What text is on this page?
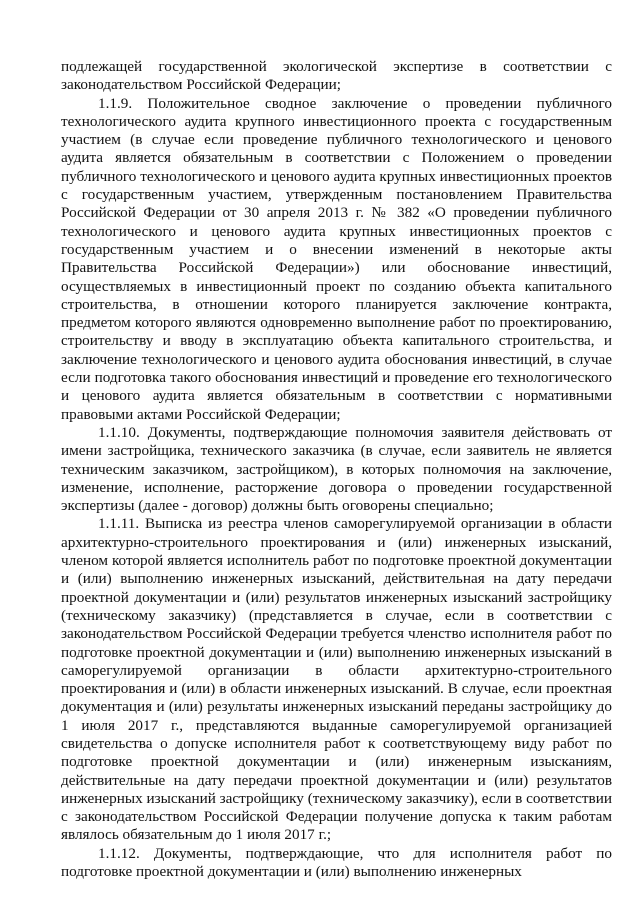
подлежащей государственной экологической экспертизе в соответствии с законодательством Российской Федерации;

1.1.9. Положительное сводное заключение о проведении публичного технологического аудита крупного инвестиционного проекта с государственным участием (в случае если проведение публичного технологического и ценового аудита является обязательным в соответствии с Положением о проведении публичного технологического и ценового аудита крупных инвестиционных проектов с государственным участием, утвержденным постановлением Правительства Российской Федерации от 30 апреля 2013 г. № 382 «О проведении публичного технологического и ценового аудита крупных инвестиционных проектов с государственным участием и о внесении изменений в некоторые акты Правительства Российской Федерации») или обоснование инвестиций, осуществляемых в инвестиционный проект по созданию объекта капитального строительства, в отношении которого планируется заключение контракта, предметом которого являются одновременно выполнение работ по проектированию, строительству и вводу в эксплуатацию объекта капитального строительства, и заключение технологического и ценового аудита обоснования инвестиций, в случае если подготовка такого обоснования инвестиций и проведение его технологического и ценового аудита является обязательным в соответствии с нормативными правовыми актами Российской Федерации;

1.1.10. Документы, подтверждающие полномочия заявителя действовать от имени застройщика, технического заказчика (в случае, если заявитель не является техническим заказчиком, застройщиком), в которых полномочия на заключение, изменение, исполнение, расторжение договора о проведении государственной экспертизы (далее - договор) должны быть оговорены специально;

1.1.11. Выписка из реестра членов саморегулируемой организации в области архитектурно-строительного проектирования и (или) инженерных изысканий, членом которой является исполнитель работ по подготовке проектной документации и (или) выполнению инженерных изысканий, действительная на дату передачи проектной документации и (или) результатов инженерных изысканий застройщику (техническому заказчику) (представляется в случае, если в соответствии с законодательством Российской Федерации требуется членство исполнителя работ по подготовке проектной документации и (или) выполнению инженерных изысканий в саморегулируемой организации в области архитектурно-строительного проектирования и (или) в области инженерных изысканий. В случае, если проектная документация и (или) результаты инженерных изысканий переданы застройщику до 1 июля 2017 г., представляются выданные саморегулируемой организацией свидетельства о допуске исполнителя работ к соответствующему виду работ по подготовке проектной документации и (или) инженерным изысканиям, действительные на дату передачи проектной документации и (или) результатов инженерных изысканий застройщику (техническому заказчику), если в соответствии с законодательством Российской Федерации получение допуска к таким работам являлось обязательным до 1 июля 2017 г.;

1.1.12. Документы, подтверждающие, что для исполнителя работ по подготовке проектной документации и (или) выполнению инженерных
